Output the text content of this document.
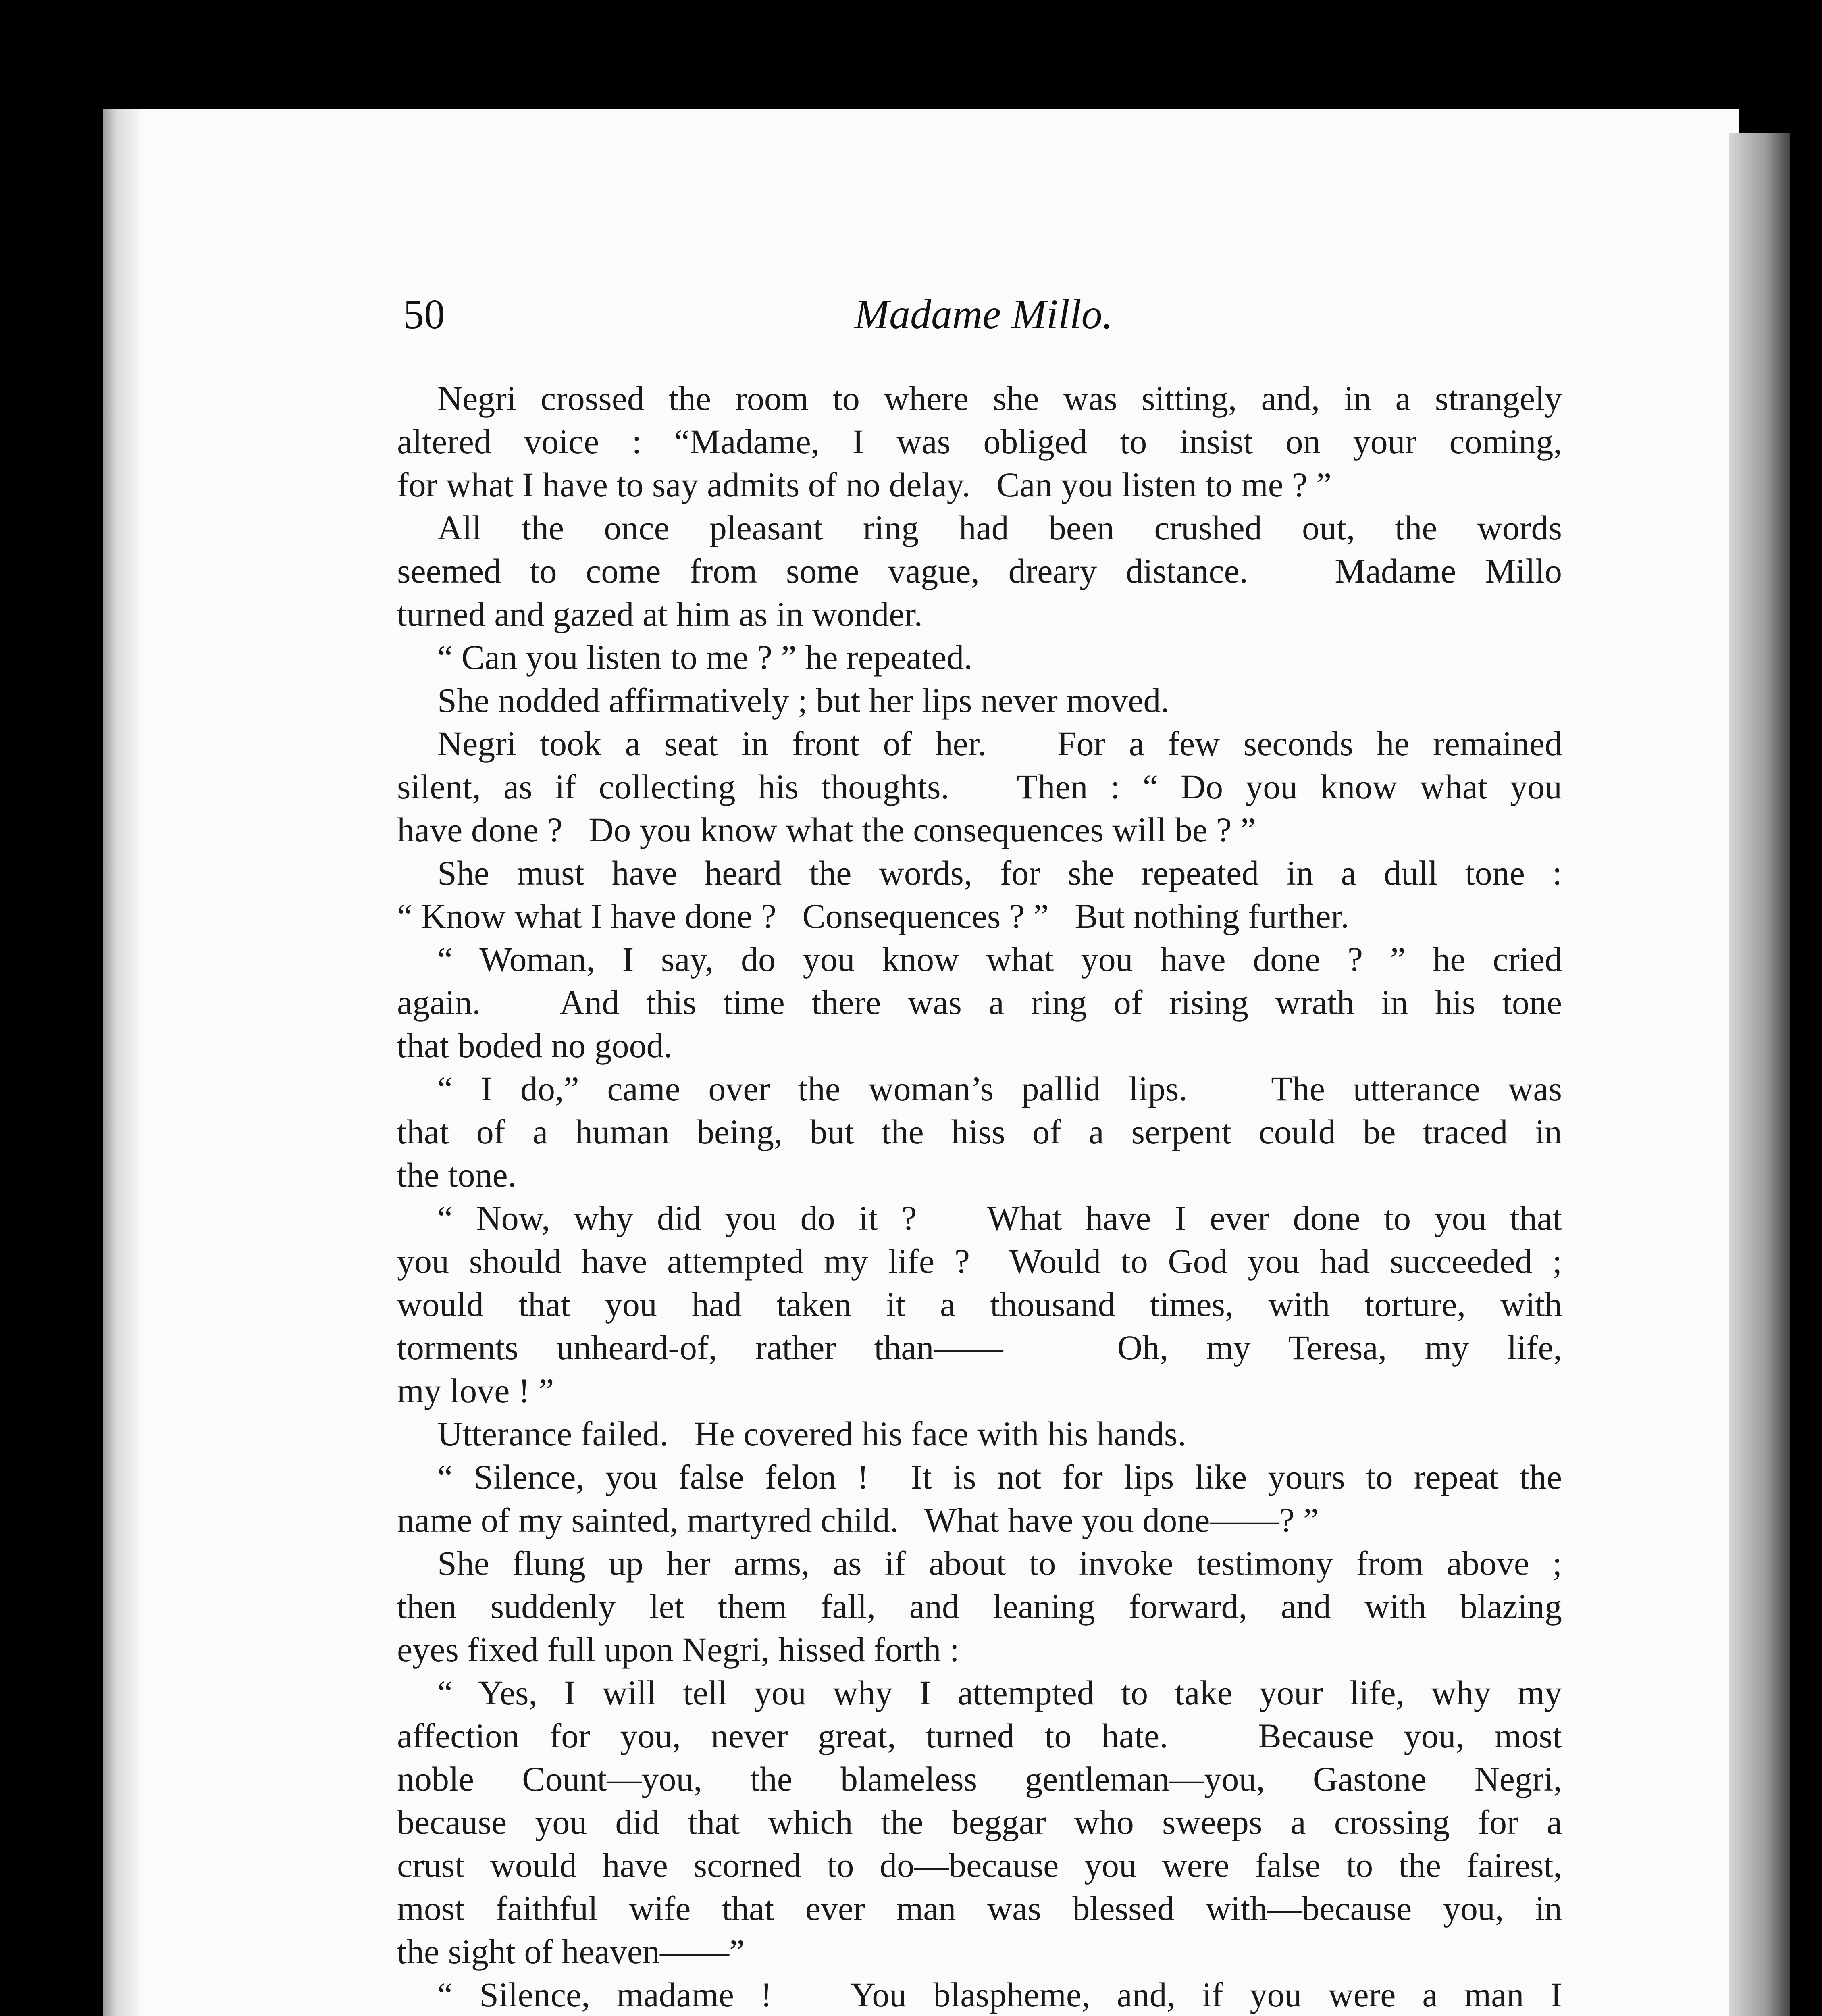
50	Madame Millo.
Negri crossed the room to where she was sitting, and, in a strangely
altered voice : “Madame, I was obliged to insist on your coming,
for what I have to say admits of no delay.   Can you listen to me ? ”
All the once pleasant ring had been crushed out, the words
seemed to come from some vague, dreary distance.   Madame Millo
turned and gazed at him as in wonder.
“ Can you listen to me ? ” he repeated.
She nodded affirmatively ; but her lips never moved.
Negri took a seat in front of her.   For a few seconds he remained
silent, as if collecting his thoughts.   Then : “ Do you know what you
have done ?   Do you know what the consequences will be ? ”
She must have heard the words, for she repeated in a dull tone :
“ Know what I have done ?   Consequences ? ”   But nothing further.
“ Woman, I say, do you know what you have done ? ” he cried
again.   And this time there was a ring of rising wrath in his tone
that boded no good.
“ I do,” came over the woman’s pallid lips.   The utterance was
that of a human being, but the hiss of a serpent could be traced in
the tone.
“ Now, why did you do it ?   What have I ever done to you that
you should have attempted my life ?  Would to God you had succeeded ;
would that you had taken it a thousand times, with torture, with
torments unheard-of, rather than——   Oh, my Teresa, my life,
my love ! ”
Utterance failed.   He covered his face with his hands.
“ Silence, you false felon !  It is not for lips like yours to repeat the
name of my sainted, martyred child.   What have you done——? ”
She flung up her arms, as if about to invoke testimony from above ;
then suddenly let them fall, and leaning forward, and with blazing
eyes fixed full upon Negri, hissed forth :
“ Yes, I will tell you why I attempted to take your life, why my
affection for you, never great, turned to hate.   Because you, most
noble Count—you, the blameless gentleman—you, Gastone Negri,
because you did that which the beggar who sweeps a crossing for a
crust would have scorned to do—because you were false to the fairest,
most faithful wife that ever man was blessed with—because you, in
the sight of heaven——”
“ Silence, madame !   You blaspheme, and, if you were a man I
